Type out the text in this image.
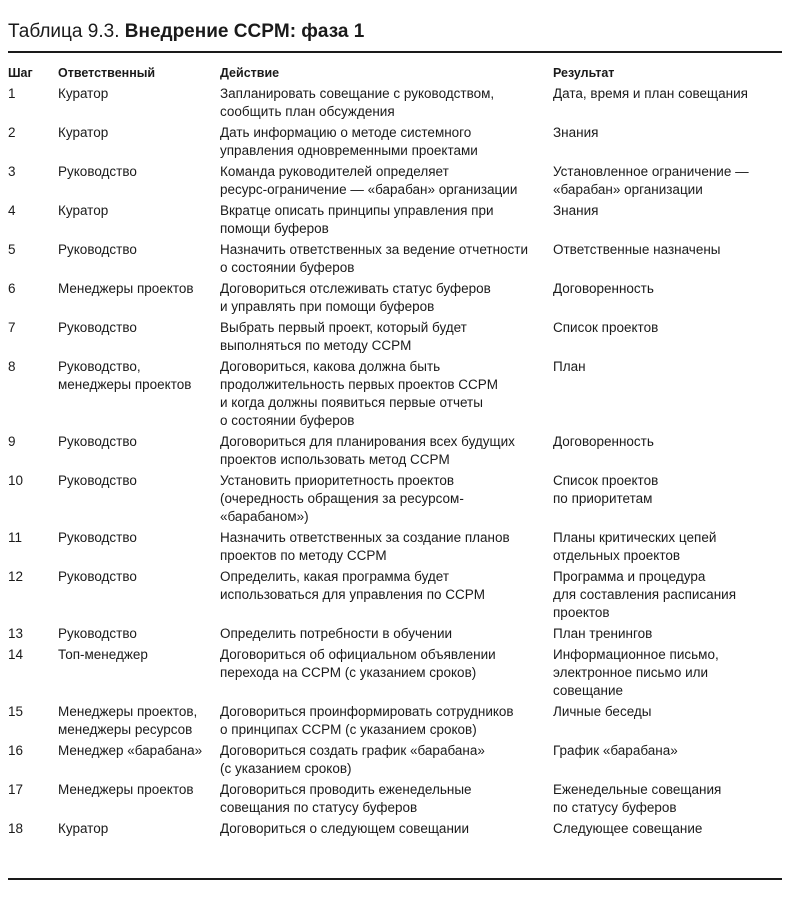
Таблица 9.3. Внедрение CCPM: фаза 1
Шаг	Ответственный	Действие	Результат
1	Куратор	Запланировать совещание с руководством,
сообщить план обсуждения	Дата, время и план совещания

2	Куратор	Дать информацию о методе системного
управления одновременными проектами	Знания

3	Руководство	Команда руководителей определяет
ресурс-ограничение — «барабан» организации	Установленное ограничение —
«барабан» организации

4	Куратор	Вкратце описать принципы управления при
помощи буферов	Знания

5	Руководство	Назначить ответственных за ведение отчетности
о состоянии буферов	Ответственные назначены

6	Менеджеры проектов	Договориться отслеживать статус буферов
и управлять при помощи буферов	Договоренность

7	Руководство	Выбрать первый проект, который будет
выполняться по методу CCPM	Список проектов

8	Руководство,
менеджеры проектов	Договориться, какова должна быть
продолжительность первых проектов CCPM
и когда должны появиться первые отчеты
о состоянии буферов	План

9	Руководство	Договориться для планирования всех будущих
проектов использовать метод CCPM	Договоренность

10	Руководство	Установить приоритетность проектов
(очередность обращения за ресурсом-
«барабаном»)	Список проектов
по приоритетам

11	Руководство	Назначить ответственных за создание планов
проектов по методу CCPM	Планы критических цепей
отдельных проектов

12	Руководство	Определить, какая программа будет
использоваться для управления по CCPM	Программа и процедура
для составления расписания
проектов

13	Руководство	Определить потребности в обучении	План тренингов

14	Топ-менеджер	Договориться об официальном объявлении
перехода на CCPM (с указанием сроков)	Информационное письмо,
электронное письмо или
совещание

15	Менеджеры проектов,
менеджеры ресурсов	Договориться проинформировать сотрудников
о принципах CCPM (с указанием сроков)	Личные беседы

16	Менеджер «барабана»	Договориться создать график «барабана»
(с указанием сроков)	График «барабана»

17	Менеджеры проектов	Договориться проводить еженедельные
совещания по статусу буферов	Еженедельные совещания
по статусу буферов

18	Куратор	Договориться о следующем совещании	Следующее совещание
